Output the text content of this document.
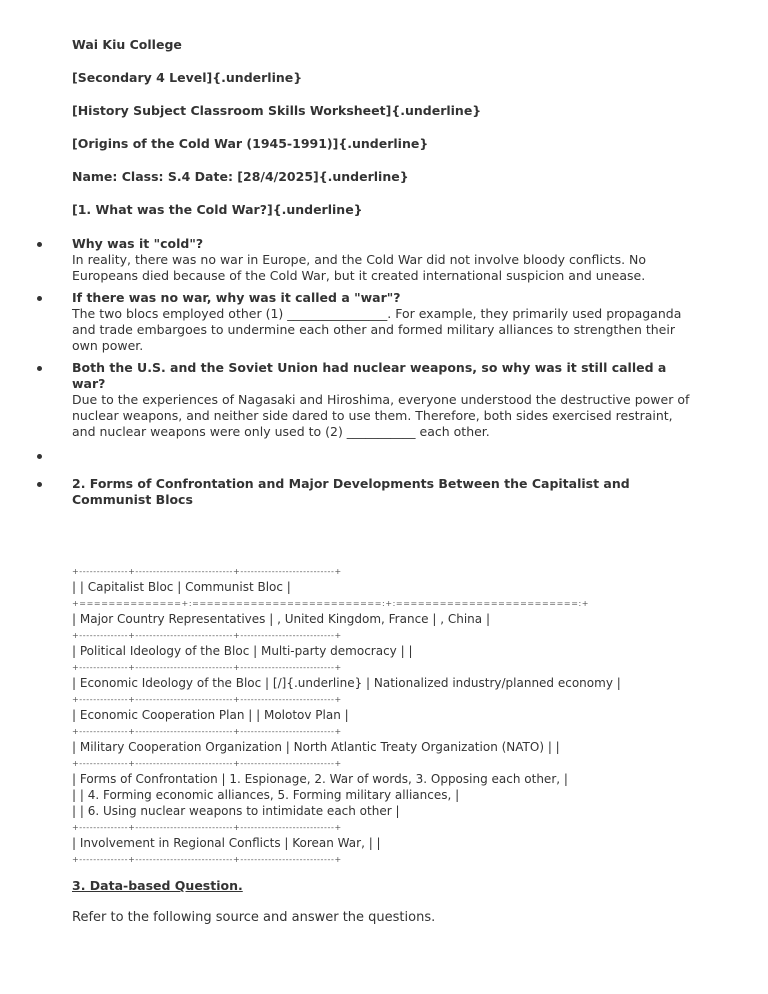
Wai Kiu College
[Secondary 4 Level]{.underline}
[History Subject Classroom Skills Worksheet]{.underline}
[Origins of the Cold War (1945-1991)]{.underline}
Name: Class: S.4 Date: [28/4/2025]{.underline}
[1. What was the Cold War?]{.underline}
Why was it "cold"?
In reality, there was no war in Europe, and the Cold War did not involve bloody conflicts. No Europeans died because of the Cold War, but it created international suspicion and unease.
If there was no war, why was it called a "war"?
The two blocs employed other (1) ________________. For example, they primarily used propaganda and trade embargoes to undermine each other and formed military alliances to strengthen their own power.
Both the U.S. and the Soviet Union had nuclear weapons, so why was it still called a war?
Due to the experiences of Nagasaki and Hiroshima, everyone understood the destructive power of nuclear weapons, and neither side dared to use them. Therefore, both sides exercised restraint, and nuclear weapons were only used to (2) ___________ each other.
2. Forms of Confrontation and Major Developments Between the Capitalist and Communist Blocs
+--------------+----------------------------+---------------------------+
| | Capitalist Bloc | Communist Bloc |
+==============+:==========================:+:=========================:+
| Major Country Representatives | , United Kingdom, France | , China |
+--------------+----------------------------+---------------------------+
| Political Ideology of the Bloc | Multi-party democracy | |
+--------------+----------------------------+---------------------------+
| Economic Ideology of the Bloc | [/]{.underline} | Nationalized industry/planned economy |
+--------------+----------------------------+---------------------------+
| Economic Cooperation Plan | | Molotov Plan |
+--------------+----------------------------+---------------------------+
| Military Cooperation Organization | North Atlantic Treaty Organization (NATO) | |
+--------------+----------------------------+---------------------------+
| Forms of Confrontation | 1. Espionage, 2. War of words, 3. Opposing each other, |
| | 4. Forming economic alliances, 5. Forming military alliances, |
| | 6. Using nuclear weapons to intimidate each other |
+--------------+----------------------------+---------------------------+
| Involvement in Regional Conflicts | Korean War, | |
+--------------+----------------------------+---------------------------+
3. Data-based Question.
Refer to the following source and answer the questions.
